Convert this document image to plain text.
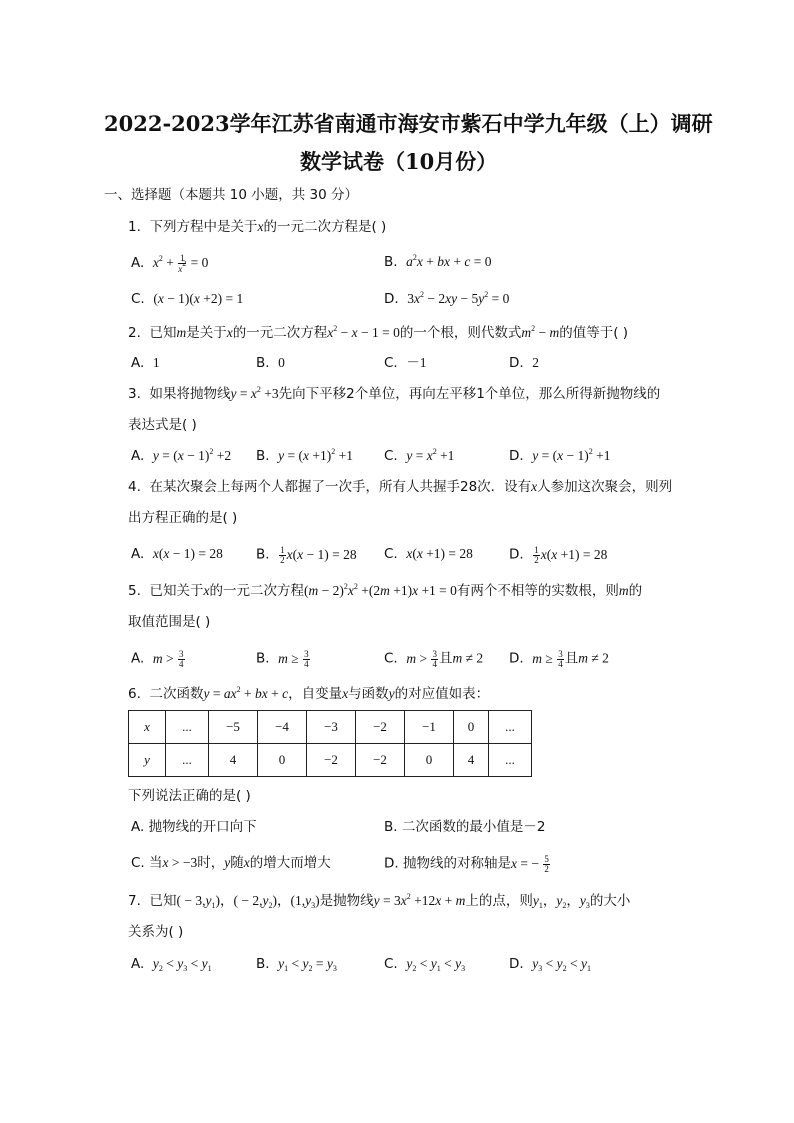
2022-2023学年江苏省南通市海安市紫石中学九年级（上）调研
数学试卷（10月份）
一、选择题（本题共 10 小题，共 30 分）
1. 下列方程中是关于x的一元二次方程是( )
A. $x^2 + \frac{1}{x^2} = 0$	B. $a^2x$ + bx + c = 0
C. (x − 1)(x +2) = 1	D. $3x^2 - 2xy - 5y^2 = 0$
2. 已知m是关于x的一元二次方程$x^2 - x - 1 = 0$的一个根，则代数式$m^2 - m$的值等于( )
A. 1	B. 0	C. －1	D. 2
3. 如果将抛物线$y = x^2 +3$先向下平移2个单位，再向左平移1个单位，那么所得新抛物线的
表达式是( )
A. $y = (x - 1)^2 +2$ B. $y = (x +1)^2 +1$ C. $y = x^2 +1$	D. $y = (x - 1)^2 +1$
4. 在某次聚会上每两个人都握了一次手，所有人共握手28次．设有x人参加这次聚会，则列
出方程正确的是( )
A. x(x − 1) = 28 B. $\frac{1}{2} x(x - 1) = 28$ C. x(x +1) = 28	D. $\frac{1}{2} x(x +1) = 28$
5. 已知关于x的一元二次方程$(m - 2)^2x^2 +(2m +1)x +1 = 0$有两个不相等的实数根，则m的
取值范围是( )
A. $m > \frac{3}{4}$	B. $m \ge \frac{3}{4}$	C. $m > \frac{3}{4}$ 且m ≠ 2 D. $m \ge \frac{3}{4}$ 且m ≠ 2
6. 二次函数$y = ax^2$ + bx + c，自变量x与函数y的对应值如表：
x	...	−5	−4	−3	−2	−1	0	...
y	...	4	0	−2	−2	0	4	...
下列说法正确的是( )
A. 抛物线的开口向下	B. 二次函数的最小值是－2
C. 当x > −3时，y随x的增大而增大	D. 抛物线的对称轴是x = − $\frac{5}{2}$
7. 已知( − $3,y_1$)，( − $2,y_2$)，$(1,y_3)$是抛物线$y = 3x^2 +12x + m$上的点，则$y_1$，$y_2$，$y_3$的大小
关系为( )
A. $y_2 < y_3 < y_1$	B. $y_1 < y_2 = y_3$	C. $y_2 < y_1 < y_3$	D. $y_3 < y_2 < y_1$
